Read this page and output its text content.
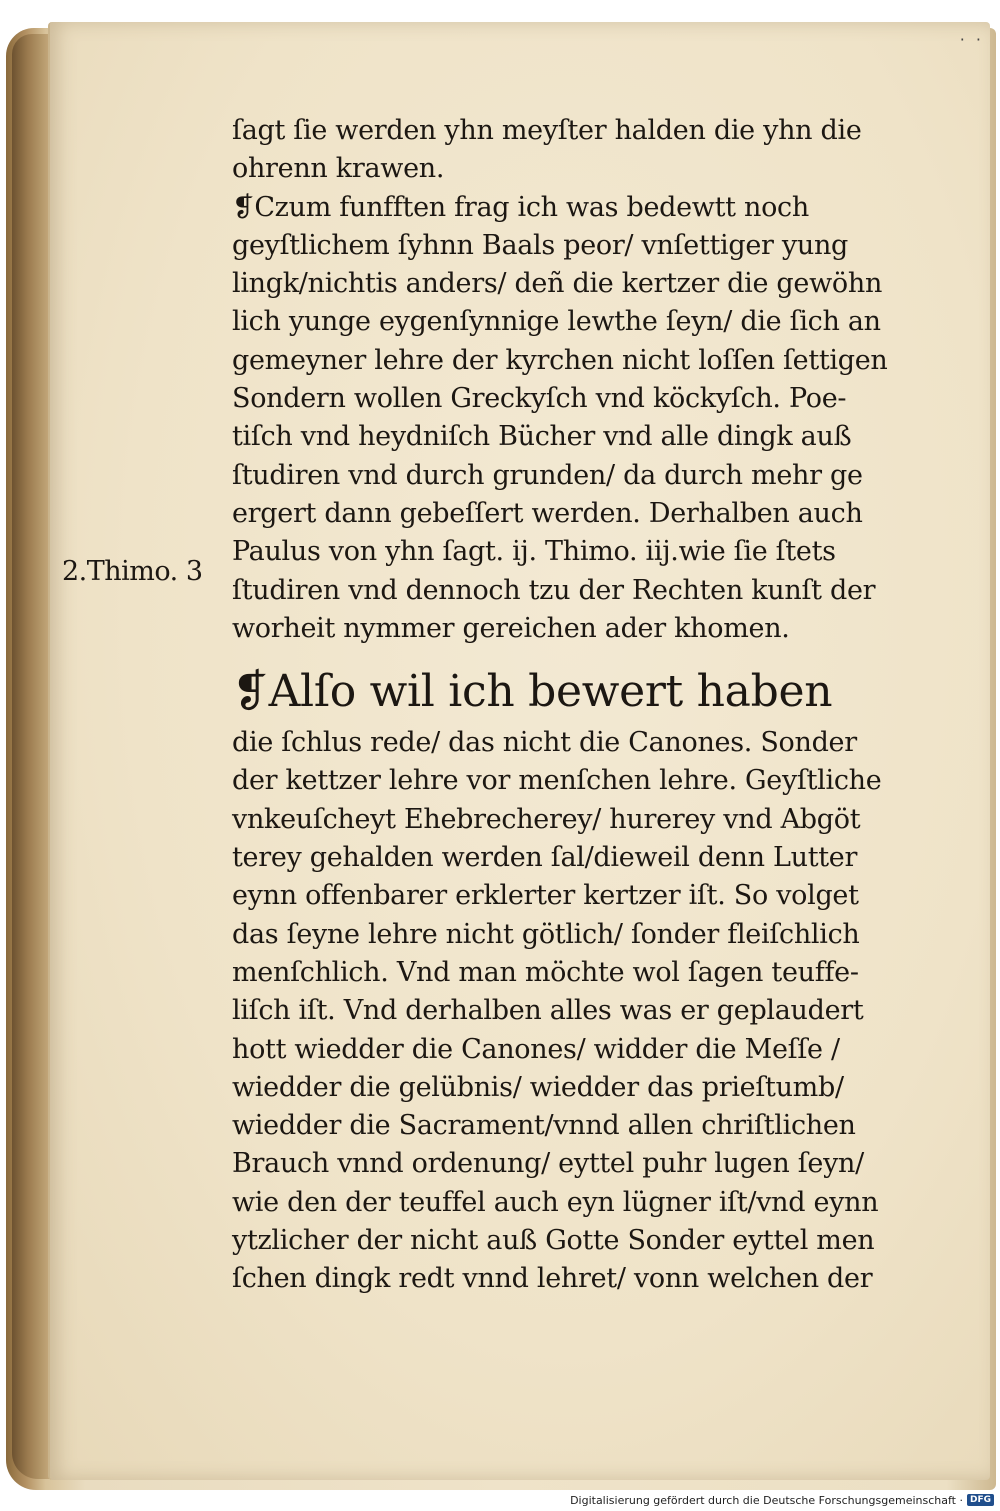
· ·
2.Thimo. 3
ſagt ſie werden yhn meyſter halden die yhn die
ohrenn krawen.
❡Czum funfften frag ich was bedewtt noch
geyſtlichem ſyhnn Baals peor/ vnſettiger yung
lingk/nichtis anders/ deñ die kertzer die gewöhn
lich yunge eygenſynnige lewthe ſeyn/ die ſich an
gemeyner lehre der kyrchen nicht loſſen ſettigen
Sondern wollen Greckyſch vnd köckyſch. Poe-
tiſch vnd heydniſch Bücher vnd alle dingk auß
ſtudiren vnd durch grunden/ da durch mehr ge
ergert dann gebeſſert werden. Derhalben auch
Paulus von yhn ſagt. ij. Thimo. iij.wie ſie ſtets
ſtudiren vnd dennoch tzu der Rechten kunſt der
worheit nymmer gereichen ader khomen.
❡Alſo wil ich bewert haben
die ſchlus rede/ das nicht die Canones. Sonder
der kettzer lehre vor menſchen lehre. Geyſtliche
vnkeuſcheyt Ehebrecherey/ hurerey vnd Abgöt
terey gehalden werden ſal/dieweil denn Lutter
eynn offenbarer erklerter kertzer iſt. So volget
das ſeyne lehre nicht götlich/ ſonder fleiſchlich
menſchlich. Vnd man möchte wol ſagen teuffe-
liſch iſt. Vnd derhalben alles was er geplaudert
hott wiedder die Canones/ widder die Meſſe /
wiedder die gelübnis/ wiedder das prieſtumb/
wiedder die Sacrament/vnnd allen chriſtlichen
Brauch vnnd ordenung/ eyttel puhr lugen ſeyn/
wie den der teuffel auch eyn lügner iſt/vnd eynn
ytzlicher der nicht auß Gotte Sonder eyttel men
ſchen dingk redt vnnd lehret/ vonn welchen der
Digitalisierung gefördert durch die Deutsche Forschungsgemeinschaft · DFG
